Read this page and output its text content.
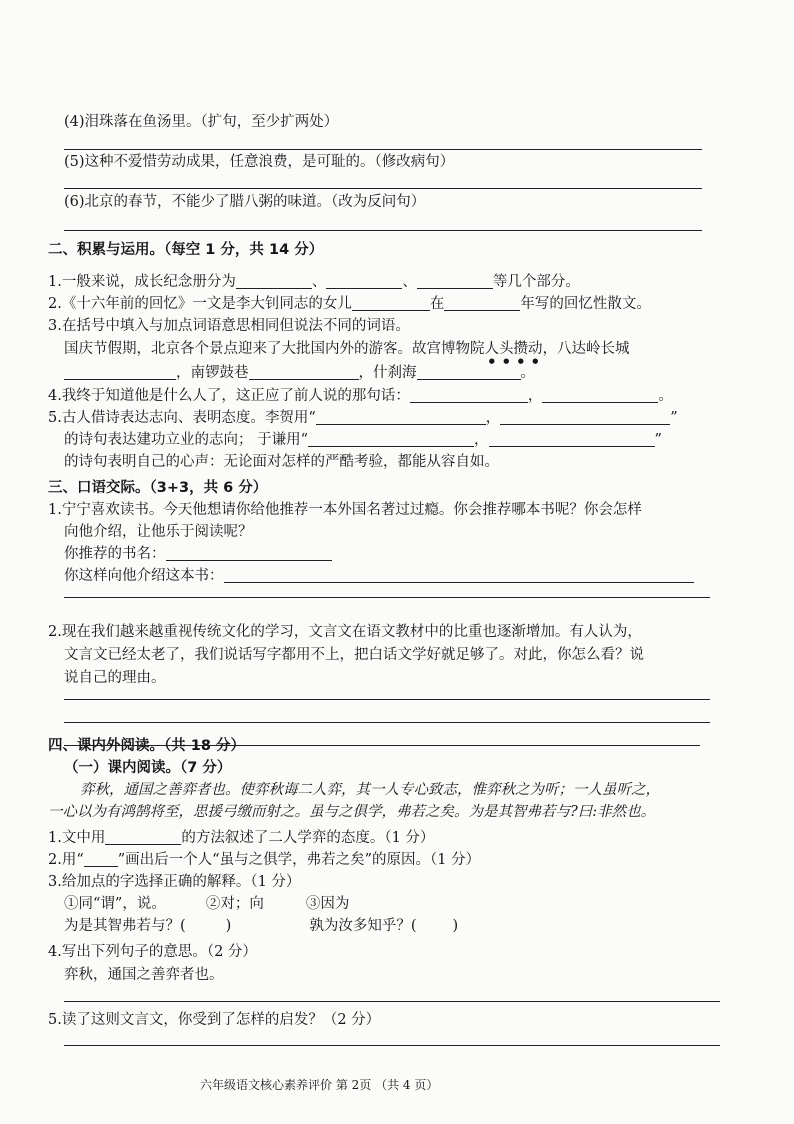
(4)泪珠落在鱼汤里。（扩句，至少扩两处）
(5)这种不爱惜劳动成果，任意浪费，是可耻的。（修改病句）
(6)北京的春节，不能少了腊八粥的味道。（改为反问句）
二、积累与运用。（每空 1 分，共 14 分）
1.一般来说，成长纪念册分为	、	、	等几个部分。
2.《十六年前的回忆》一文是李大钊同志的女儿	在	年写的回忆性散文。
3.在括号中填入与加点词语意思相同但说法不同的词语。
国庆节假期，北京各个景点迎来了大批国内外的游客。故宫博物院人头攒动，八达岭长城
，南锣鼓巷	，什刹海	。
4.我终于知道他是什么人了，这正应了前人说的那句话：	，	。
5.古人借诗表达志向、表明态度。李贺用“	，	”
的诗句表达建功立业的志向； 于谦用“	，	”
的诗句表明自己的心声：无论面对怎样的严酷考验，都能从容自如。
三、口语交际。（3+3，共 6 分）
1.宁宁喜欢读书。今天他想请你给他推荐一本外国名著过过瘾。你会推荐哪本书呢？你会怎样
向他介绍，让他乐于阅读呢？
你推荐的书名：
你这样向他介绍这本书：
2.现在我们越来越重视传统文化的学习，文言文在语文教材中的比重也逐渐增加。有人认为，
文言文已经太老了，我们说话写字都用不上，把白话文学好就足够了。对此，你怎么看？说
说自己的理由。
四、课内外阅读。（共 18 分）
（一）课内阅读。（7 分）
弈秋，通国之善弈者也。使弈秋诲二人弈，其一人专心致志，惟弈秋之为听；一人虽听之，
一心以为有鸿鹄将至，思援弓缴而射之。虽与之俱学，弗若之矣。为是其智弗若与?曰:非然也。
1.文中用	的方法叙述了二人学弈的态度。（1 分）
2.用“ ”画出后一个人“虽与之俱学，弗若之矣”的原因。（1 分）
3.给加点的字选择正确的解释。（1 分）
①同“谓”，说。	②对；向	③因为
为是其智弗若与？(	)	孰为汝多知乎？( )
4.写出下列句子的意思。（2 分）
弈秋，通国之善弈者也。
5.读了这则文言文，你受到了怎样的启发？（2 分）
六年级语文核心素养评价 第 2页 （共 4 页）
